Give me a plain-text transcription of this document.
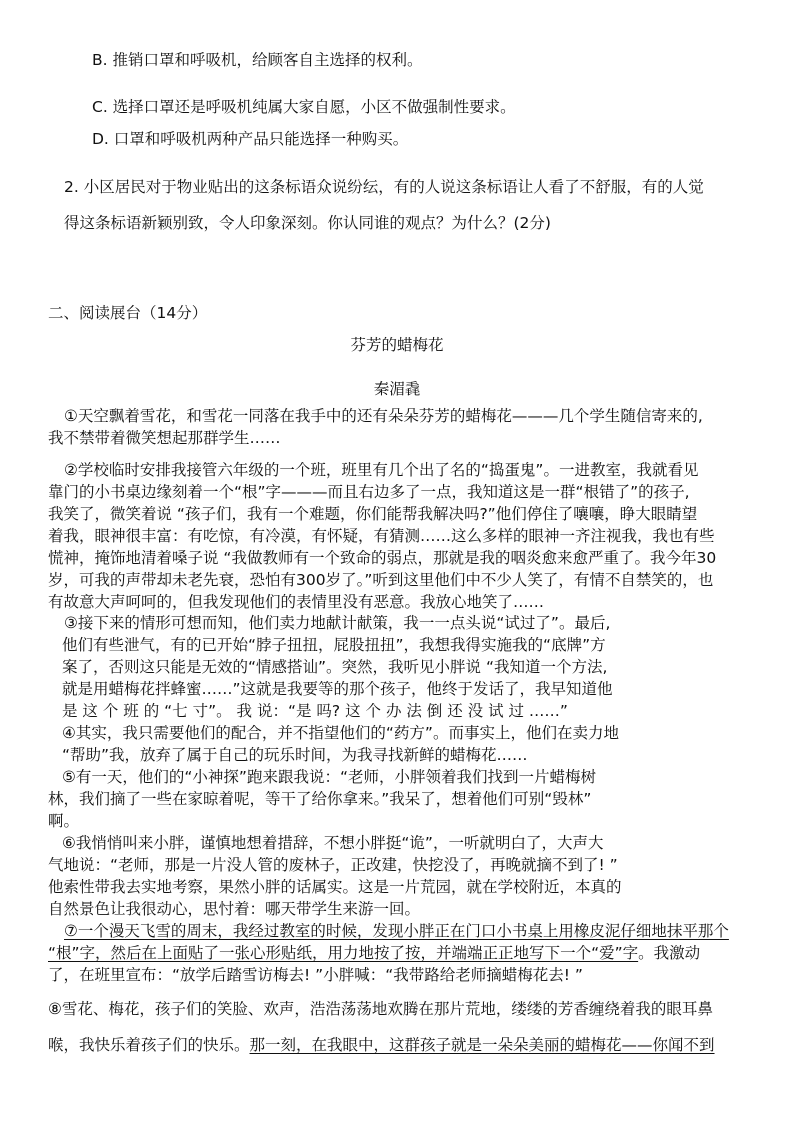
B. 推销口罩和呼吸机，给顾客自主选择的权利。
C. 选择口罩还是呼吸机纯属大家自愿，小区不做强制性要求。
D. 口罩和呼吸机两种产品只能选择一种购买。
2. 小区居民对于物业贴出的这条标语众说纷纭，有的人说这条标语让人看了不舒服，有的人觉
得这条标语新颖别致，令人印象深刻。你认同谁的观点？为什么？(2分)
二、阅读展台（14分）
芬芳的蜡梅花
秦湄毳
①天空飘着雪花，和雪花一同落在我手中的还有朵朵芬芳的蜡梅花———几个学生随信寄来的,
我不禁带着微笑想起那群学生……
②学校临时安排我接管六年级的一个班，班里有几个出了名的“捣蛋鬼”。一进教室，我就看见
靠门的小书桌边缘刻着一个“根”字———而且右边多了一点，我知道这是一群“根错了”的孩子,
我笑了，微笑着说 “孩子们，我有一个难题，你们能帮我解决吗?”他们停住了嚷嚷，睁大眼睛望
着我，眼神很丰富：有吃惊，有冷漠，有怀疑，有猜测……这么多样的眼神一齐注视我，我也有些
慌神，掩饰地清着嗓子说 “我做教师有一个致命的弱点，那就是我的咽炎愈来愈严重了。我今年30
岁，可我的声带却未老先衰，恐怕有300岁了。”听到这里他们中不少人笑了，有情不自禁笑的，也
有故意大声呵呵的，但我发现他们的表情里没有恶意。我放心地笑了……
③接下来的情形可想而知，他们卖力地献计献策，我一一点头说“试过了”。最后,
他们有些泄气，有的已开始“脖子扭扭，屁股扭扭”，我想我得实施我的“底牌”方
案了，否则这只能是无效的“情感搭讪”。突然，我听见小胖说 “我知道一个方法,
就是用蜡梅花拌蜂蜜……”这就是我要等的那个孩子，他终于发话了，我早知道他
是 这 个 班 的 “七 寸”。 我 说：“是 吗? 这 个 办 法 倒 还 没 试 过 ……”
④其实，我只需要他们的配合，并不指望他们的“药方”。而事实上，他们在卖力地
“帮助”我，放弃了属于自己的玩乐时间，为我寻找新鲜的蜡梅花……
⑤有一天，他们的“小神探”跑来跟我说：“老师，小胖领着我们找到一片蜡梅树
林，我们摘了一些在家晾着呢，等干了给你拿来。”我呆了，想着他们可别“毁林”
啊。
⑥我悄悄叫来小胖，谨慎地想着措辞，不想小胖挺“诡”，一听就明白了，大声大
气地说：“老师，那是一片没人管的废林子，正改建，快挖没了，再晚就摘不到了! ”
他索性带我去实地考察，果然小胖的话属实。这是一片荒园，就在学校附近，本真的
自然景色让我很动心，思忖着：哪天带学生来游一回。
⑦一个漫天飞雪的周末，我经过教室的时候，发现小胖正在门口小书桌上用橡皮泥仔细地抹平那个
“根”字，然后在上面贴了一张心形贴纸，用力地按了按，并端端正正地写下一个“爱”字。我激动
了，在班里宣布：“放学后踏雪访梅去! ”小胖喊：“我带路给老师摘蜡梅花去! ”
⑧雪花、梅花，孩子们的笑脸、欢声，浩浩荡荡地欢腾在那片荒地，缕缕的芳香缠绕着我的眼耳鼻
喉，我快乐着孩子们的快乐。那一刻，在我眼中，这群孩子就是一朵朵美丽的蜡梅花——你闻不到
